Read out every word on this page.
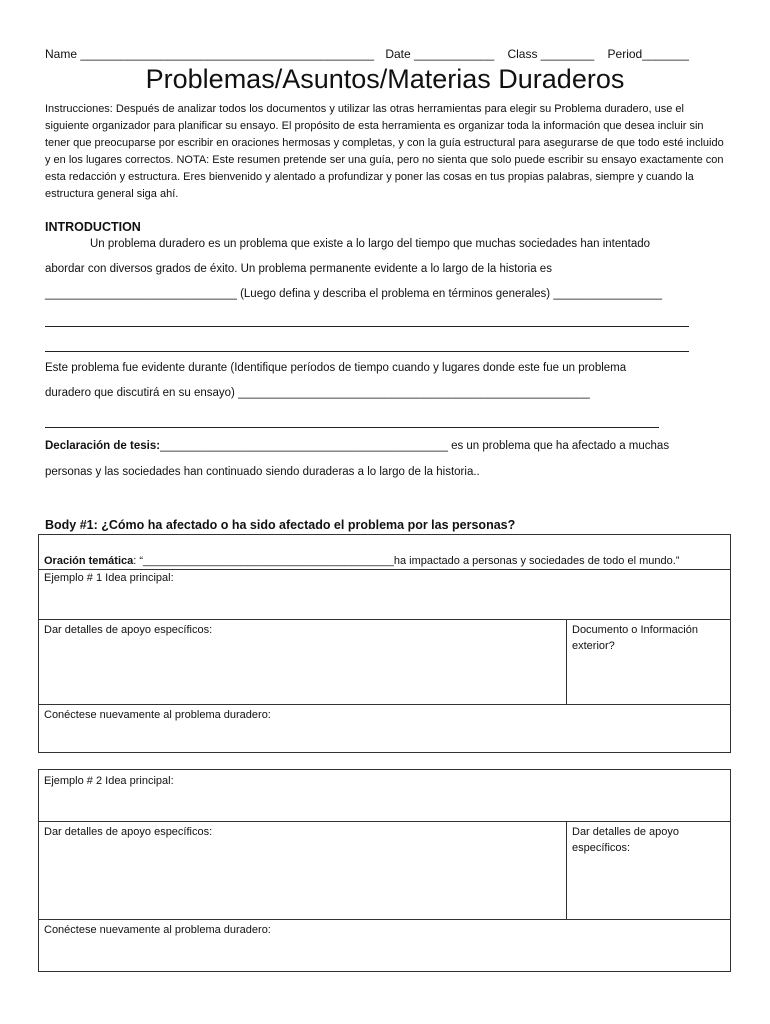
Name ____________________________________________ Date ____________ Class ________ Period_______
Problemas/Asuntos/Materias Duraderos
Instrucciones: Después de analizar todos los documentos y utilizar las otras herramientas para elegir su Problema duradero, use el siguiente organizador para planificar su ensayo. El propósito de esta herramienta es organizar toda la información que desea incluir sin tener que preocuparse por escribir en oraciones hermosas y completas, y con la guía estructural para asegurarse de que todo esté incluido y en los lugares correctos. NOTA: Este resumen pretende ser una guía, pero no sienta que solo puede escribir su ensayo exactamente con esta redacción y estructura. Eres bienvenido y alentado a profundizar y poner las cosas en tus propias palabras, siempre y cuando la estructura general siga ahí.
INTRODUCTION
Un problema duradero es un problema que existe a lo largo del tiempo que muchas sociedades han intentado
abordar con diversos grados de éxito. Un problema permanente evidente a lo largo de la historia es
______________________________ (Luego defina y describa el problema en términos generales) _________________
Este problema fue evidente durante (Identifique períodos de tiempo cuando y lugares donde este fue un problema
duradero que discutirá en su ensayo) _______________________________________________________
Declaración de tesis:_____________________________________________ es un problema que ha afectado a muchas
personas y las sociedades han continuado siendo duraderas a lo largo de la historia..
Body #1: ¿Cómo ha afectado o ha sido afectado el problema por las personas?
Oración temática: “_________________________________________ha impactado a personas y sociedades de todo el mundo.”
Ejemplo # 1 Idea principal:
Dar detalles de apoyo específicos:	Documento o Información exterior?
Conéctese nuevamente al problema duradero:
Ejemplo # 2 Idea principal:
Dar detalles de apoyo específicos:	Dar detalles de apoyo específicos:
Conéctese nuevamente al problema duradero:
